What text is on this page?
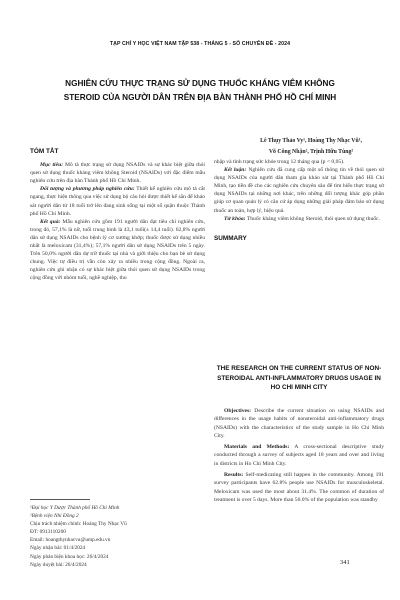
TẠP CHÍ Y HỌC VIỆT NAM TẬP 538 - THÁNG 5 - SỐ CHUYÊN ĐỀ - 2024
NGHIÊN CỨU THỰC TRẠNG SỬ DỤNG THUỐC KHÁNG VIÊM KHÔNG
STEROID CỦA NGƯỜI DÂN TRÊN ĐỊA BÀN THÀNH PHỐ HỒ CHÍ MINH
Lê Thụy Thảo Vy¹, Hoàng Thy Nhạc Vũ¹,
Võ Công Nhận², Trịnh Hữu Tùng²

TÓM TẮT

Mục tiêu: Mô tả thực trạng sử dụng NSAIDs và sự khác biệt giữa thói quen sử dụng thuốc kháng viêm không Steroid (NSAIDs) với đặc điểm mẫu nghiên cứu trên địa bàn Thành phố Hồ Chí Minh.

Đối tượng và phương pháp nghiên cứu: Thiết kế nghiên cứu mô tả cắt ngang, thực hiện thông qua việc sử dụng bộ câu hỏi được thiết kế sẵn để khảo sát người dân từ 18 tuổi trở lên đang sinh sống tại một số quận thuộc Thành phố Hồ Chí Minh.

Kết quả: Mẫu nghiên cứu gồm 191 người dân đạt tiêu chí nghiên cứu, trong đó, 57,1% là nữ, tuổi trung bình là 43,1 tuổi(± 14,4 tuổi). 62,8% người dân sử dụng NSAIDs cho bệnh lý cơ xương khớp; thuốc được sử dụng nhiều nhất là meloxicam (31,4%); 57,1% người dân sử dụng NSAIDs trên 5 ngày. Trên 50,0% người dân dự trữ thuốc tại nhà và giới thiệu cho bạn bè sử dụng chung. Việc tự điều trị vẫn còn xảy ra nhiều trong cộng đồng. Ngoài ra, nghiên cứu ghi nhận có sự khác biệt giữa thói quen sử dụng NSAIDs trong cộng đồng với nhóm tuổi, nghề nghiệp, thu

nhập và tình trạng sức khỏe trong 12 tháng qua (p < 0,05).

Kết luận: Nghiên cứu đã cung cấp một số thông tin về thói quen sử dụng NSAIDs của người dân tham gia khảo sát tại Thành phố Hồ Chí Minh, tạo tiền đề cho các nghiên cứu chuyên sâu để tìm hiểu thực trạng sử dụng NSAIDs tại những nơi khác, trên những đối tượng khác góp phần giúp cơ quan quản lý có căn cứ áp dụng những giải pháp đảm bảo sử dụng thuốc an toàn, hợp lý, hiệu quả.

Từ khóa: Thuốc kháng viêm không Steroid, thói quen sử dụng thuốc.

SUMMARY

THE RESEARCH ON THE CURRENT STATUS OF NON-STEROIDAL ANTI-INFLAMMATORY DRUGS USAGE IN HO CHI MINH CITY

Objectives: Describe the current situation on using NSAIDs and differences in the usage habits of nonsteroidal anti-inflammatory drugs (NSAIDs) with the characteristics of the study sample in Ho Chi Minh City.

Materials and Methods: A cross-sectional descriptive study conducted through a survey of subjects aged 18 years and over and living in districts in Ho Chi Minh City.

Results: Self-medicating still happen in the community. Among 191 survey participants have 62.8% people use NSAIDs for musculoskeletal. Meloxicam was used the most about 31.4%. The common of duration of treatment is over 5 days. More than 50.0% of the population was standby

¹Đại học Y Dược Thành phố Hồ Chí Minh

²Bệnh viện Nhi Đồng 2

Chịu trách nhiệm chính: Hoàng Thy Nhạc Vũ

ĐT: 0913110200

Email: hoangthynhacvu@ump.edu.vn

Ngày nhận bài: 01/4/2024

Ngày phản biện khoa học: 26/4/2024

Ngày duyệt bài: 26/4/2024	341
